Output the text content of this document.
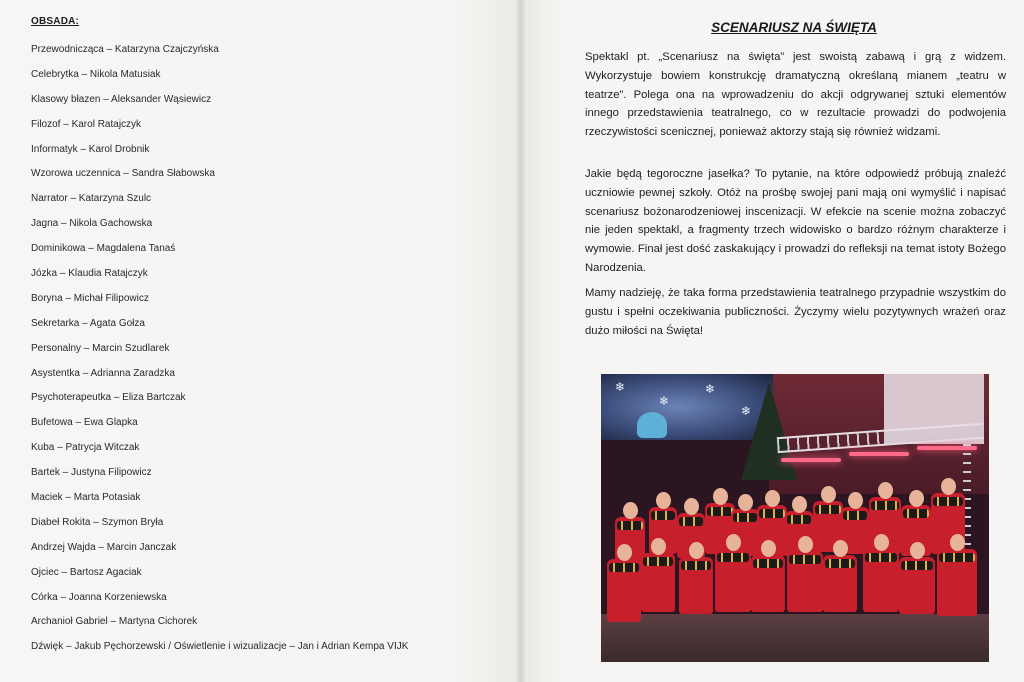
OBSADA:
Przewodnicząca – Katarzyna Czajczyńska
Celebrytka – Nikola Matusiak
Klasowy błazen – Aleksander Wąsiewicz
Filozof – Karol Ratajczyk
Informatyk – Karol Drobnik
Wzorowa uczennica – Sandra Słabowska
Narrator – Katarzyna Szulc
Jagna – Nikola Gachowska
Dominikowa – Magdalena Tanaś
Józka – Klaudia Ratajczyk
Boryna – Michał Filipowicz
Sekretarka – Agata Gołza
Personalny – Marcin Szudlarek
Asystentka – Adrianna Zaradzka
Psychoterapeutka – Eliza Bartczak
Bufetowa – Ewa Glapka
Kuba – Patrycja Witczak
Bartek – Justyna Filipowicz
Maciek – Marta Potasiak
Diabeł Rokita – Szymon Bryła
Andrzej Wajda – Marcin Janczak
Ojciec – Bartosz Agaciak
Córka – Joanna Korzeniewska
Archanioł Gabriel – Martyna Cichorek
Dźwięk – Jakub Pęchorzewski / Oświetlenie i wizualizacje – Jan i Adrian Kempa VIJK
SCENARIUSZ NA ŚWIĘTA

Spektakl pt. „Scenariusz na święta” jest swoistą zabawą i grą z widzem. Wykorzystuje bowiem konstrukcję dramatyczną określaną mianem „teatru w teatrze”. Polega ona na wprowadzeniu do akcji odgrywanej sztuki elementów innego przedstawienia teatralnego, co w rezultacie prowadzi do podwojenia rzeczywistości scenicznej, ponieważ aktorzy stają się również widzami.

Jakie będą tegoroczne jasełka? To pytanie, na które odpowiedź próbują znaleźć uczniowie pewnej szkoły. Otóż na prośbę swojej pani mają oni wymyślić i napisać scenariusz bożonarodzeniowej inscenizacji. W efekcie na scenie można zobaczyć nie jeden spektakl, a fragmenty trzech widowisko o bardzo różnym charakterze i wymowie. Finał jest dość zaskakujący i prowadzi do refleksji na temat istoty Bożego Narodzenia.

Mamy nadzieję, że taka forma przedstawienia teatralnego przypadnie wszystkim do gustu i spełni oczekiwania publiczności. Życzymy wielu pozytywnych wrażeń oraz dużo miłości na Święta!

❄
❄
❄
❄
